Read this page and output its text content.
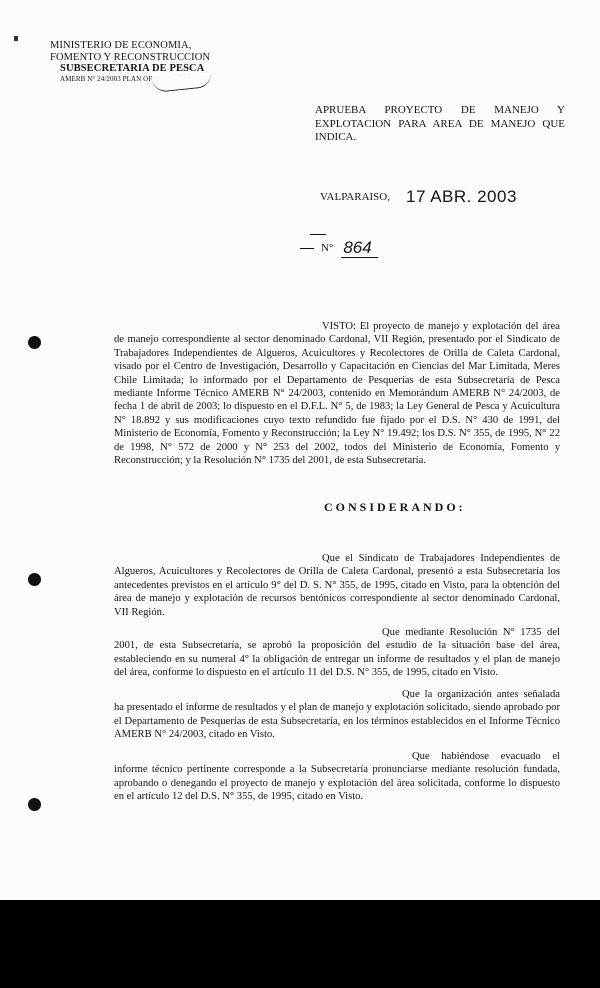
MINISTERIO DE ECONOMIA,
FOMENTO Y RECONSTRUCCION
SUBSECRETARIA DE PESCA
AMERB N° 24/2003 PLAN OF
APRUEBA PROYECTO DE MANEJO Y EXPLOTACION PARA AREA DE MANEJO QUE INDICA.
VALPARAISO, 17 ABR. 2003
N° 864
VISTO: El proyecto de manejo y explotación del área de manejo correspondiente al sector denominado Cardonal, VII Región, presentado por el Sindicato de Trabajadores Independientes de Algueros, Acuicultores y Recolectores de Orilla de Caleta Cardonal, visado por el Centro de Investigación, Desarrollo y Capacitación en Ciencias del Mar Limitada, Meres Chile Limitada; lo informado por el Departamento de Pesquerías de esta Subsecretaría de Pesca mediante Informe Técnico AMERB N° 24/2003, contenido en Memorándum AMERB N° 24/2003, de fecha 1 de abril de 2003; lo dispuesto en el D.F.L. N° 5, de 1983; la Ley General de Pesca y Acuicultura N° 18.892 y sus modificaciones cuyo texto refundido fue fijado por el D.S. N° 430 de 1991, del Ministerio de Economía, Fomento y Reconstrucción; la Ley N° 19.492; los D.S. N° 355, de 1995, N° 22 de 1998, N° 572 de 2000 y N° 253 del 2002, todos del Ministerio de Economía, Fomento y Reconstrucción; y la Resolución N° 1735 del 2001, de esta Subsecretaría.
CONSIDERANDO:
Que el Sindicato de Trabajadores Independientes de Algueros, Acuicultores y Recolectores de Orilla de Caleta Cardonal, presentó a esta Subsecretaría los antecedentes previstos en el artículo 9° del D. S. N° 355, de 1995, citado en Visto, para la obtención del área de manejo y explotación de recursos bentónicos correspondiente al sector denominado Cardonal, VII Región.
Que mediante Resolución N° 1735 del 2001, de esta Subsecretaría, se aprobó la proposición del estudio de la situación base del área, estableciendo en su numeral 4° la obligación de entregar un informe de resultados y el plan de manejo del área, conforme lo dispuesto en el artículo 11 del D.S. N° 355, de 1995, citado en Visto.
Que la organización antes señalada ha presentado el informe de resultados y el plan de manejo y explotación solicitado, siendo aprobado por el Departamento de Pesquerías de esta Subsecretaría, en los términos establecidos en el Informe Técnico AMERB N° 24/2003, citado en Visto.
Que habiéndose evacuado el informe técnico pertinente corresponde a la Subsecretaría pronunciarse mediante resolución fundada, aprobando o denegando el proyecto de manejo y explotación del área solicitada, conforme lo dispuesto en el artículo 12 del D.S. N° 355, de 1995, citado en Visto.
